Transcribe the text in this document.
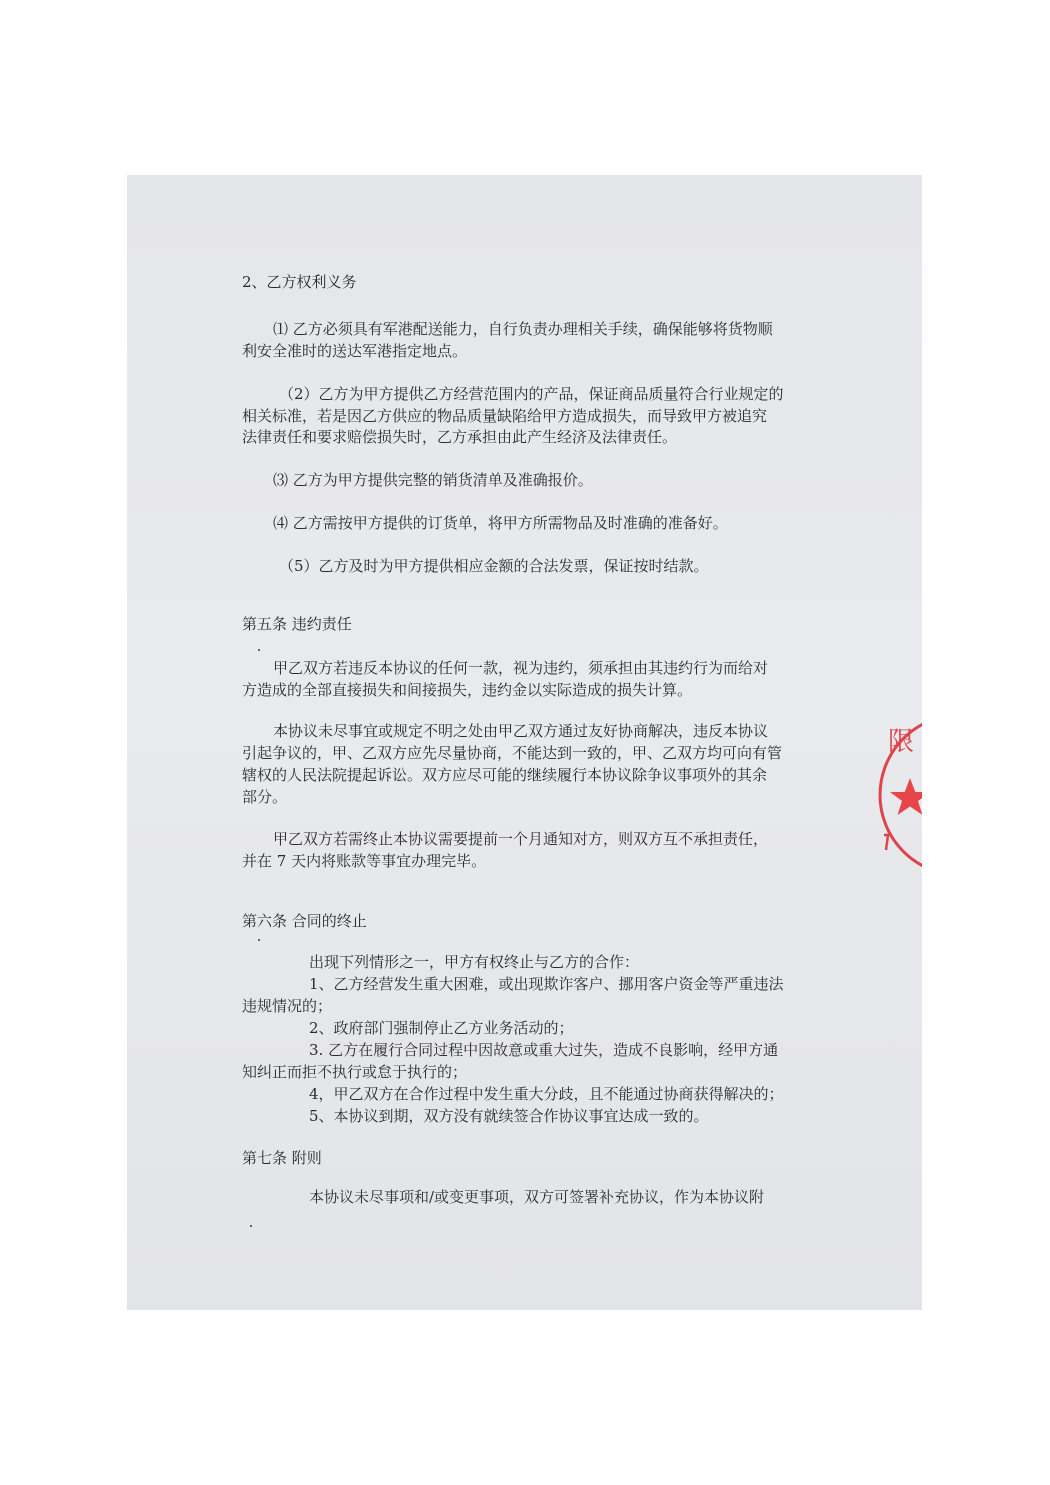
2、乙方权利义务
⑴ 乙方必须具有军港配送能力，自行负责办理相关手续，确保能够将货物顺
利安全准时的送达军港指定地点。
（2）乙方为甲方提供乙方经营范围内的产品，保证商品质量符合行业规定的
相关标准，若是因乙方供应的物品质量缺陷给甲方造成损失，而导致甲方被追究
法律责任和要求赔偿损失时，乙方承担由此产生经济及法律责任。
⑶ 乙方为甲方提供完整的销货清单及准确报价。
⑷ 乙方需按甲方提供的订货单，将甲方所需物品及时准确的准备好。
（5）乙方及时为甲方提供相应金额的合法发票，保证按时结款。
第五条 违约责任
甲乙双方若违反本协议的任何一款，视为违约，须承担由其违约行为而给对
方造成的全部直接损失和间接损失，违约金以实际造成的损失计算。
本协议未尽事宜或规定不明之处由甲乙双方通过友好协商解决，违反本协议
引起争议的，甲、乙双方应先尽量协商，不能达到一致的，甲、乙双方均可向有管
辖权的人民法院提起诉讼。双方应尽可能的继续履行本协议除争议事项外的其余
部分。
甲乙双方若需终止本协议需要提前一个月通知对方，则双方互不承担责任，
并在 7 天内将账款等事宜办理完毕。
第六条 合同的终止
出现下列情形之一，甲方有权终止与乙方的合作：
1、乙方经营发生重大困难，或出现欺诈客户、挪用客户资金等严重违法
违规情况的；
2、政府部门强制停止乙方业务活动的；
3. 乙方在履行合同过程中因故意或重大过失，造成不良影响，经甲方通
知纠正而拒不执行或怠于执行的；
4，甲乙双方在合作过程中发生重大分歧，且不能通过协商获得解决的；
5、本协议到期，双方没有就续签合作协议事宜达成一致的。
第七条 附则
本协议未尽事项和/或变更事项，双方可签署补充协议，作为本协议附
限
